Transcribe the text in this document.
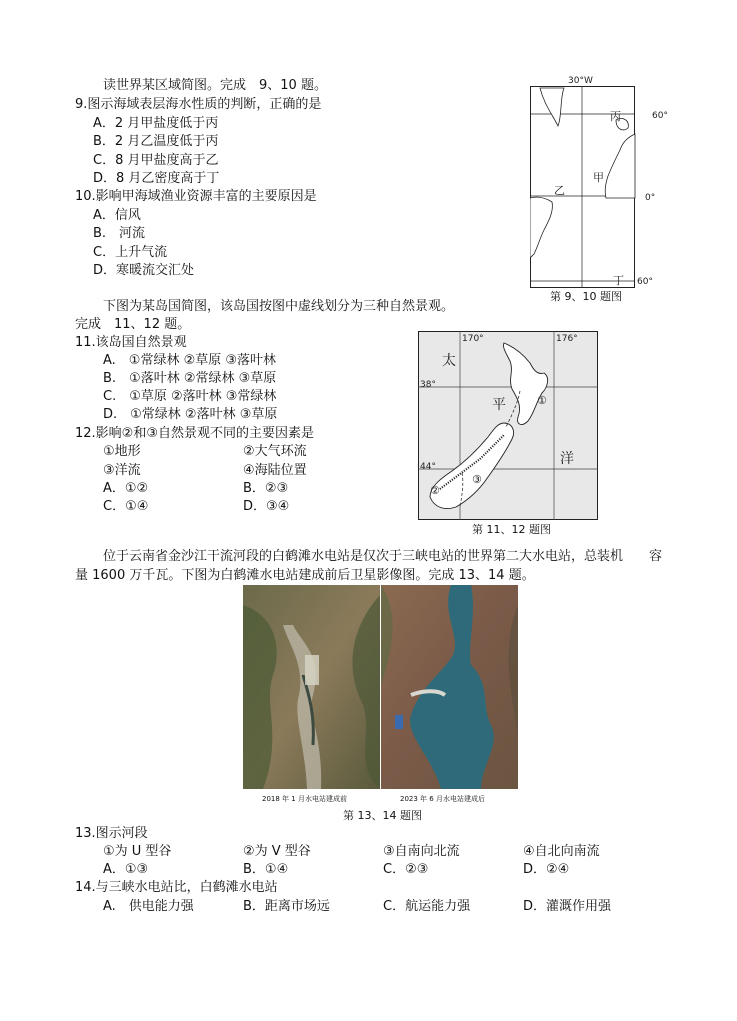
读世界某区域简图。完成　9、10 题。
9.图示海域表层海水性质的判断，正确的是
A．2 月甲盐度低于丙
B．2 月乙温度低于丙
C．8 月甲盐度高于乙
D．8 月乙密度高于丁
10.影响甲海域渔业资源丰富的主要原因是
A．信风
B.　河流
C．上升气流
D．寒暖流交汇处
30°W
60°
0°
60°
丙
甲
乙
丁
第 9、10 题图
下图为某岛国简图，该岛国按图中虚线划分为三种自然景观。
完成　11、12 题。
11.该岛国自然景观
A.　①常绿林 ②草原 ③落叶林
B.　①落叶林 ②常绿林 ③草原
C.　①草原 ②落叶林 ③常绿林
D.　①常绿林 ②落叶林 ③草原
12.影响②和③自然景观不同的主要因素是
①地形	②大气环流
③洋流	④海陆位置
A．①②	B．②③
C．①④	D．③④
170°	176°
38°
44°
太
平
洋
①
②
③
第 11、12 题图
位于云南省金沙江干流河段的白鹤滩水电站是仅次于三峡电站的世界第二大水电站，总装机　　容
量 1600 万千瓦。下图为白鹤滩水电站建成前后卫星影像图。完成 13、14 题。
2018 年 1 月水电站建成前	2023 年 6 月水电站建成后
第 13、14 题图
13.图示河段
①为 U 型谷	②为 V 型谷	③自南向北流	④自北向南流
A．①③	B．①④	C．②③	D．②④
14.与三峡水电站比，白鹤滩水电站
A.　供电能力强	B．距离市场远	C．航运能力强	D．灌溉作用强
